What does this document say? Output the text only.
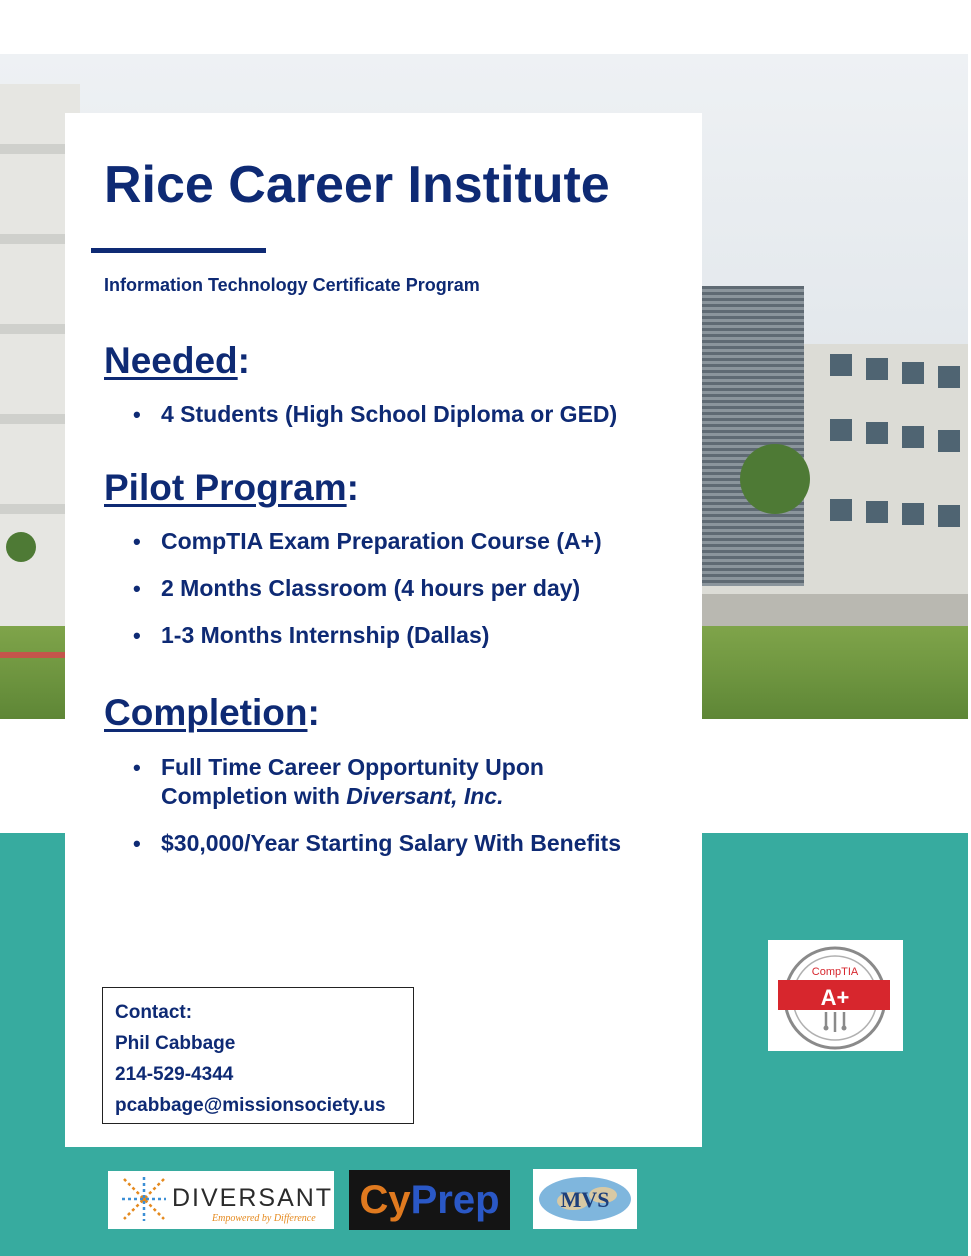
Rice Career Institute
Information Technology Certificate Program
Needed:
• 4 Students (High School Diploma or GED)
Pilot Program:
• CompTIA Exam Preparation Course (A+)
• 2 Months Classroom (4 hours per day)
• 1-3 Months Internship (Dallas)
Completion:
• Full Time Career Opportunity Upon
Completion with Diversant, Inc.
• $30,000/Year Starting Salary With Benefits
Contact:
Phil Cabbage
214-529-4344
pcabbage@missionsociety.us
CompTIA
A+
DIVERSANT
Empowered by Difference CyPrep	MVS
